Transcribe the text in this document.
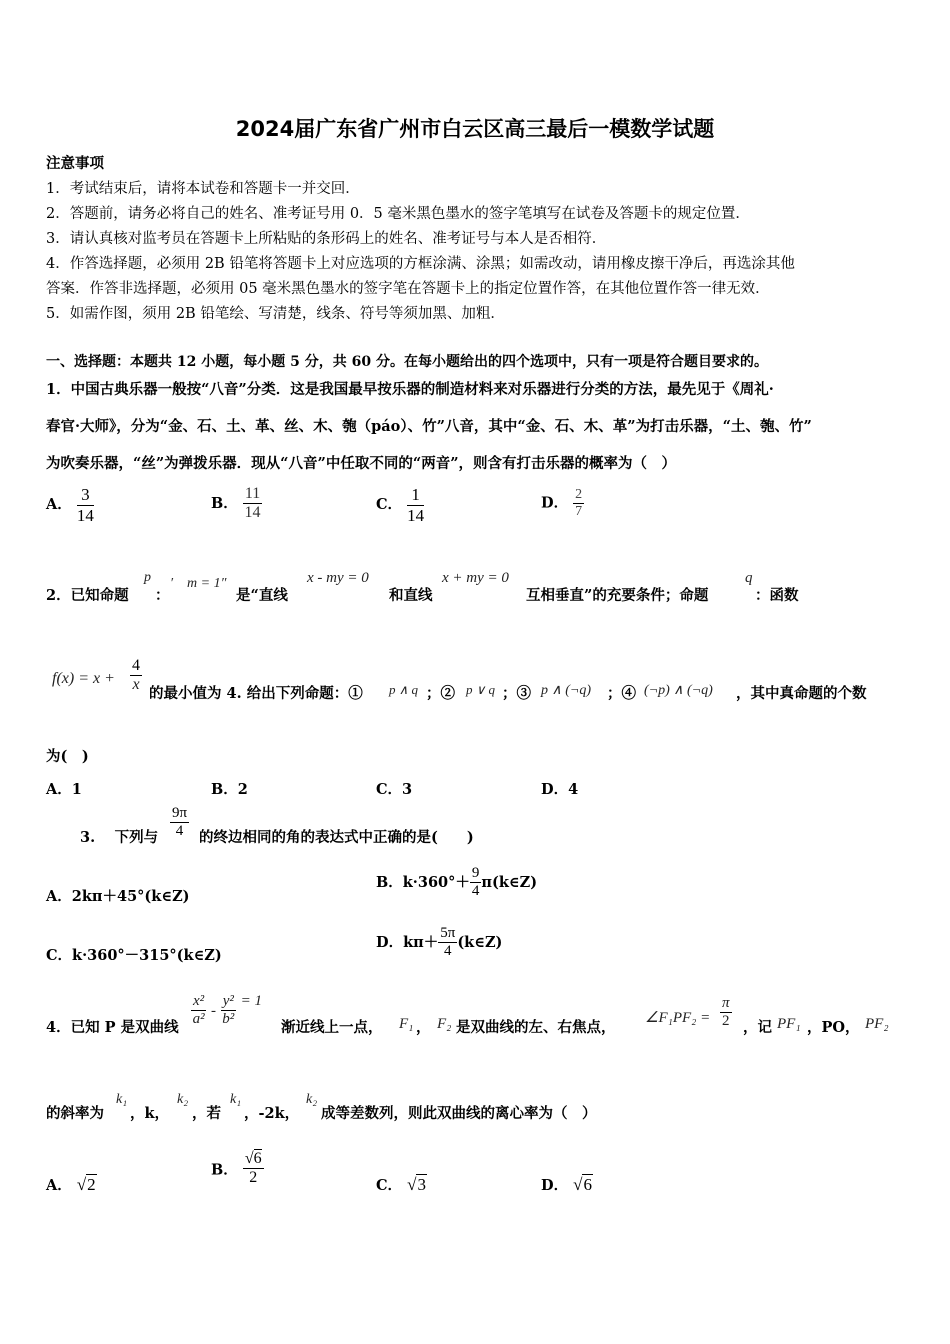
2024届广东省广州市白云区高三最后一模数学试题
注意事项
1．考试结束后，请将本试卷和答题卡一并交回．
2．答题前，请务必将自己的姓名、准考证号用 0．5 毫米黑色墨水的签字笔填写在试卷及答题卡的规定位置．
3．请认真核对监考员在答题卡上所粘贴的条形码上的姓名、准考证号与本人是否相符．
4．作答选择题，必须用 2B 铅笔将答题卡上对应选项的方框涂满、涂黑；如需改动，请用橡皮擦干净后，再选涂其他
答案．作答非选择题，必须用 05 毫米黑色墨水的签字笔在答题卡上的指定位置作答，在其他位置作答一律无效．
5．如需作图，须用 2B 铅笔绘、写清楚，线条、符号等须加黑、加粗．
一、选择题：本题共 12 小题，每小题 5 分，共 60 分。在每小题给出的四个选项中，只有一项是符合题目要求的。
1．中国古典乐器一般按“八音”分类．这是我国最早按乐器的制造材料来对乐器进行分类的方法，最先见于《周礼·
春官·大师》，分为“金、石、土、革、丝、木、匏（páo）、竹”八音，其中“金、石、木、革”为打击乐器，“土、匏、竹”
为吹奏乐器，“丝”为弹拨乐器．现从“八音”中任取不同的“两音”，则含有打击乐器的概率为（　）
A． $\frac{3}{14}$	B． $\frac{11}{14}$	C． $\frac{1}{14}$	D． $\frac{2}{7}$
2．已知命题
p
：
′　m = 1″
是“直线
x - my = 0
和直线
x + my = 0
互相垂直”的充要条件；命题
q
：函数
$f(x) = x + \frac{4}{x}$ 的最小值为 4. 给出下列命题：① p ∧ q ；② p ∨ q ；③ p ∧ (¬q) ；④ (¬p) ∧ (¬q) ，其中真命题的个数
为(　)
A．1	B．2	C．3	D．4
3.　 下列与 $\frac{9\pi}{4}$ 的终边相同的角的表达式中正确的是(　　)
A．2kπ＋45°(k∈Z)
B．$k\cdot 360^\circ+ \frac{9}{4}$ π(k∈Z)
C．k·360°－315°(k∈Z)
D．$k\pi+ \frac{5\pi}{4}$ (k∈Z)
4．已知 P 是双曲线 $\frac{\text{x²}}{\text{a²}} - \frac{\text{y²}}{\text{b²}} = 1$
渐近线上一点， F₁ ， F₂ 是双曲线的左、右焦点，
∠F₁PF₂ = $\frac{\pi}{2}$ ，记 PF₁ ，PO， PF₂
的斜率为
k₁
，k，
k₂
，若
k₁
，-2k，
k₂
成等差数列，则此双曲线的离心率为（　）
A． √2
B． $\frac{√6}{2}$	C． √3	D． √6
